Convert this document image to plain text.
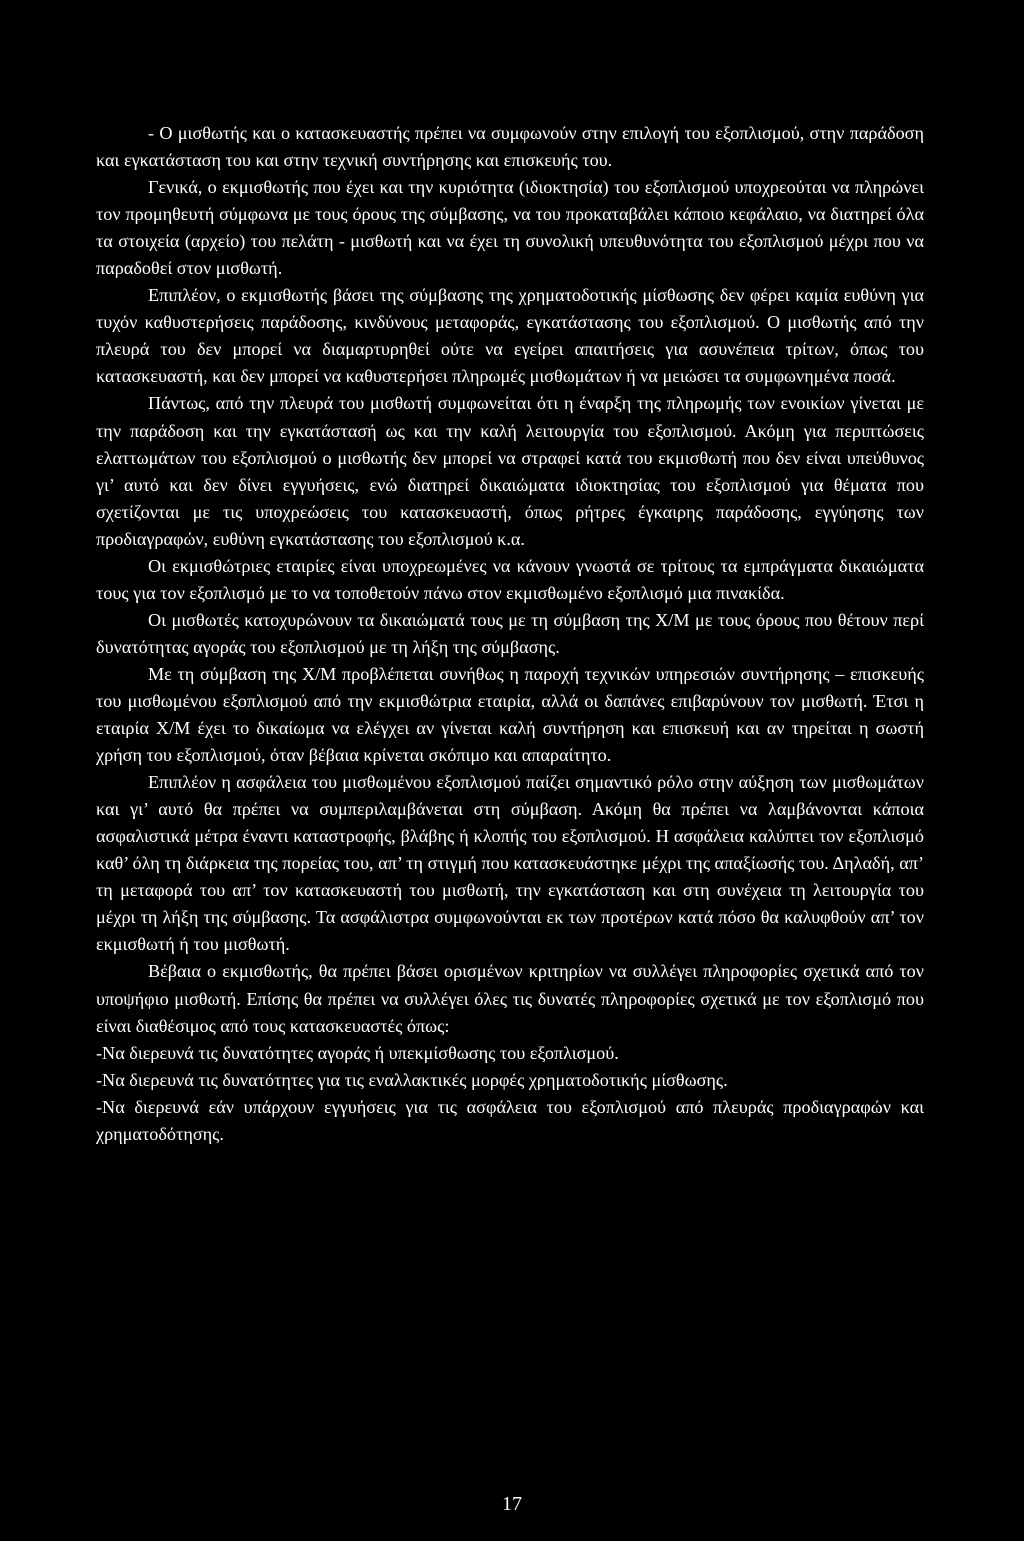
- Ο μισθωτής και ο κατασκευαστής πρέπει να συμφωνούν στην επιλογή του εξοπλισμού, στην παράδοση και εγκατάσταση του και στην τεχνική συντήρησης και επισκευής του.

Γενικά, ο εκμισθωτής που έχει και την κυριότητα (ιδιοκτησία) του εξοπλισμού υποχρεούται να πληρώνει τον προμηθευτή σύμφωνα με τους όρους της σύμβασης, να του προκαταβάλει κάποιο κεφάλαιο, να διατηρεί όλα τα στοιχεία (αρχείο) του πελάτη - μισθωτή και να έχει τη συνολική υπευθυνότητα του εξοπλισμού μέχρι που να παραδοθεί στον μισθωτή.

Επιπλέον, ο εκμισθωτής βάσει της σύμβασης της χρηματοδοτικής μίσθωσης δεν φέρει καμία ευθύνη για τυχόν καθυστερήσεις παράδοσης, κινδύνους μεταφοράς, εγκατάστασης του εξοπλισμού. Ο μισθωτής από την πλευρά του δεν μπορεί να διαμαρτυρηθεί ούτε να εγείρει απαιτήσεις για ασυνέπεια τρίτων, όπως του κατασκευαστή, και δεν μπορεί να καθυστερήσει πληρωμές μισθωμάτων ή να μειώσει τα συμφωνημένα ποσά.

Πάντως, από την πλευρά του μισθωτή συμφωνείται ότι η έναρξη της πληρωμής των ενοικίων γίνεται με την παράδοση και την εγκατάστασή ως και την καλή λειτουργία του εξοπλισμού. Ακόμη για περιπτώσεις ελαττωμάτων του εξοπλισμού ο μισθωτής δεν μπορεί να στραφεί κατά του εκμισθωτή που δεν είναι υπεύθυνος γι’ αυτό και δεν δίνει εγγυήσεις, ενώ διατηρεί δικαιώματα ιδιοκτησίας του εξοπλισμού για θέματα που σχετίζονται με τις υποχρεώσεις του κατασκευαστή, όπως ρήτρες έγκαιρης παράδοσης, εγγύησης των προδιαγραφών, ευθύνη εγκατάστασης του εξοπλισμού κ.α.

Οι εκμισθώτριες εταιρίες είναι υποχρεωμένες να κάνουν γνωστά σε τρίτους τα εμπράγματα δικαιώματα τους για τον εξοπλισμό με το να τοποθετούν πάνω στον εκμισθωμένο εξοπλισμό μια πινακίδα.

Οι μισθωτές κατοχυρώνουν τα δικαιώματά τους με τη σύμβαση της Χ/Μ με τους όρους που θέτουν περί δυνατότητας αγοράς του εξοπλισμού με τη λήξη της σύμβασης.

Με τη σύμβαση της Χ/Μ προβλέπεται συνήθως η παροχή τεχνικών υπηρεσιών συντήρησης – επισκευής του μισθωμένου εξοπλισμού από την εκμισθώτρια εταιρία, αλλά οι δαπάνες επιβαρύνουν τον μισθωτή. Έτσι η εταιρία Χ/Μ έχει το δικαίωμα να ελέγχει αν γίνεται καλή συντήρηση και επισκευή και αν τηρείται η σωστή χρήση του εξοπλισμού, όταν βέβαια κρίνεται σκόπιμο και απαραίτητο.

Επιπλέον η ασφάλεια του μισθωμένου εξοπλισμού παίζει σημαντικό ρόλο στην αύξηση των μισθωμάτων και γι’ αυτό θα πρέπει να συμπεριλαμβάνεται στη σύμβαση. Ακόμη θα πρέπει να λαμβάνονται κάποια ασφαλιστικά μέτρα έναντι καταστροφής, βλάβης ή κλοπής του εξοπλισμού. Η ασφάλεια καλύπτει τον εξοπλισμό καθ’ όλη τη διάρκεια της πορείας του, απ’ τη στιγμή που κατασκευάστηκε μέχρι της απαξίωσής του. Δηλαδή, απ’ τη μεταφορά του απ’ τον κατασκευαστή του μισθωτή, την εγκατάσταση και στη συνέχεια τη λειτουργία του μέχρι τη λήξη της σύμβασης. Τα ασφάλιστρα συμφωνούνται εκ των προτέρων κατά πόσο θα καλυφθούν απ’ τον εκμισθωτή ή του μισθωτή.

Βέβαια ο εκμισθωτής, θα πρέπει βάσει ορισμένων κριτηρίων να συλλέγει πληροφορίες σχετικά από τον υποψήφιο μισθωτή. Επίσης θα πρέπει να συλλέγει όλες τις δυνατές πληροφορίες σχετικά με τον εξοπλισμό που είναι διαθέσιμος από τους κατασκευαστές όπως:

-Να διερευνά τις δυνατότητες αγοράς ή υπεκμίσθωσης του εξοπλισμού.

-Να διερευνά τις δυνατότητες για τις εναλλακτικές μορφές χρηματοδοτικής μίσθωσης.

-Να διερευνά εάν υπάρχουν εγγυήσεις για τις ασφάλεια του εξοπλισμού από πλευράς προδιαγραφών και χρηματοδότησης.

17
